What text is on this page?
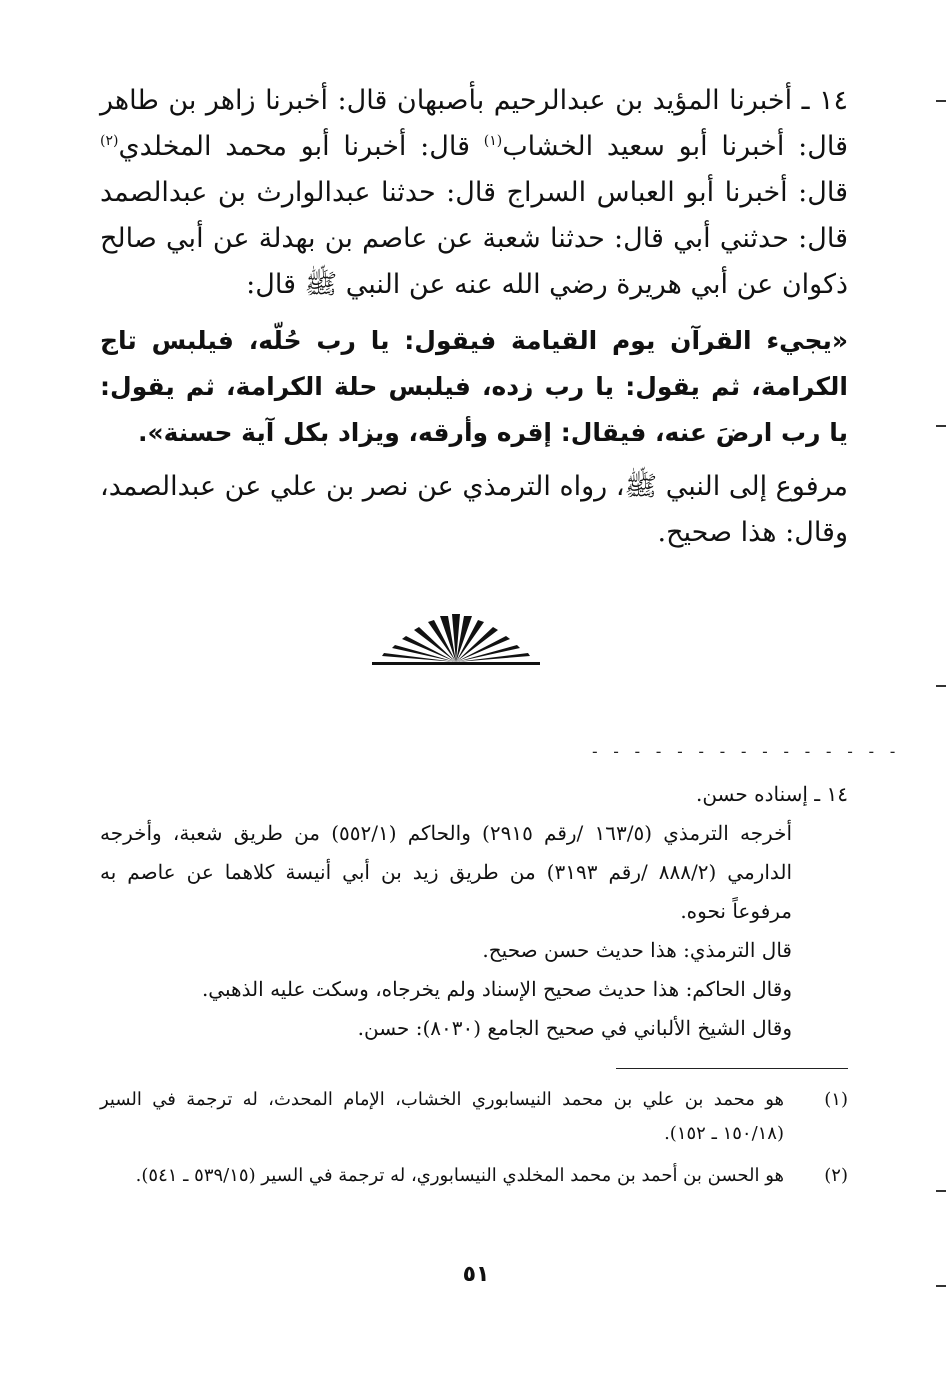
١٤ ـ أخبرنا المؤيد بن عبدالرحيم بأصبهان قال: أخبرنا زاهر بن طاهر قال: أخبرنا أبو سعيد الخشاب$^{(١)}$ قال: أخبرنا أبو محمد المخلدي$^{(٢)}$ قال: أخبرنا أبو العباس السراج قال: حدثنا عبدالوارث بن عبدالصمد قال: حدثني أبي قال: حدثنا شعبة عن عاصم بن بهدلة عن أبي صالح ذكوان عن أبي هريرة رضي الله عنه عن النبي ﷺ قال:

«يجيء القرآن يوم القيامة فيقول: يا رب حُلّه، فيلبس تاج الكرامة، ثم يقول: يا رب زده، فيلبس حلة الكرامة، ثم يقول: يا رب ارضَ عنه، فيقال: إقره وأرقه، ويزاد بكل آية حسنة».

مرفوع إلى النبي ﷺ، رواه الترمذي عن نصر بن علي عن عبدالصمد، وقال: هذا صحيح.

- - - - - - - - - - - - - - -

١٤ ـ إسناده حسن.

أخرجه الترمذي (١٦٣/٥ /رقم ٢٩١٥) والحاكم (٥٥٢/١) من طريق شعبة، وأخرجه الدارمي (٨٨٨/٢ /رقم ٣١٩٣) من طريق زيد بن أبي أنيسة كلاهما عن عاصم به مرفوعاً نحوه.
قال الترمذي: هذا حديث حسن صحيح.
وقال الحاكم: هذا حديث صحيح الإسناد ولم يخرجاه، وسكت عليه الذهبي.
وقال الشيخ الألباني في صحيح الجامع (٨٠٣٠): حسن.
(١)
هو محمد بن علي بن محمد النيسابوري الخشاب، الإمام المحدث، له ترجمة في السير (١٥٠/١٨ ـ ١٥٢).
(٢)
هو الحسن بن أحمد بن محمد المخلدي النيسابوري، له ترجمة في السير (٥٣٩/١٥ ـ ٥٤١).
٥١
